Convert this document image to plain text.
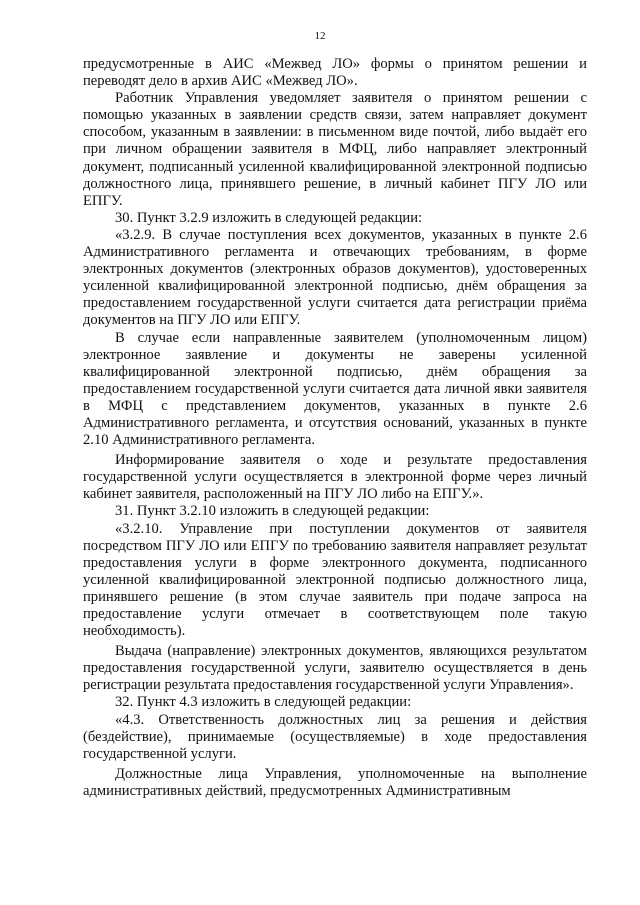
12

предусмотренные в АИС «Межвед ЛО» формы о принятом решении и переводят дело в архив АИС «Межвед ЛО».

Работник Управления уведомляет заявителя о принятом решении с помощью указанных в заявлении средств связи, затем направляет документ способом, указанным в заявлении: в письменном виде почтой, либо выдаёт его при личном обращении заявителя в МФЦ, либо направляет электронный документ, подписанный усиленной квалифицированной электронной подписью должностного лица, принявшего решение, в личный кабинет ПГУ ЛО или ЕПГУ.

30. Пункт 3.2.9 изложить в следующей редакции:

«3.2.9. В случае поступления всех документов, указанных в пункте 2.6 Административного регламента и отвечающих требованиям, в форме электронных документов (электронных образов документов), удостоверенных усиленной квалифицированной электронной подписью, днём обращения за предоставлением государственной услуги считается дата регистрации приёма документов на ПГУ ЛО или ЕПГУ.

В случае если направленные заявителем (уполномоченным лицом) электронное заявление и документы не заверены усиленной квалифицированной электронной подписью, днём обращения за предоставлением государственной услуги считается дата личной явки заявителя в МФЦ с представлением документов, указанных в пункте 2.6 Административного регламента, и отсутствия оснований, указанных в пункте 2.10 Административного регламента.

Информирование заявителя о ходе и результате предоставления государственной услуги осуществляется в электронной форме через личный кабинет заявителя, расположенный на ПГУ ЛО либо на ЕПГУ.».

31. Пункт 3.2.10 изложить в следующей редакции:

«3.2.10. Управление при поступлении документов от заявителя посредством ПГУ ЛО или ЕПГУ по требованию заявителя направляет результат предоставления услуги в форме электронного документа, подписанного усиленной квалифицированной электронной подписью должностного лица, принявшего решение (в этом случае заявитель при подаче запроса на предоставление услуги отмечает в соответствующем поле такую необходимость).

Выдача (направление) электронных документов, являющихся результатом предоставления государственной услуги, заявителю осуществляется в день регистрации результата предоставления государственной услуги Управления».

32. Пункт 4.3 изложить в следующей редакции:

«4.3. Ответственность должностных лиц за решения и действия (бездействие), принимаемые (осуществляемые) в ходе предоставления государственной услуги.

Должностные лица Управления, уполномоченные на выполнение административных действий, предусмотренных Административным
